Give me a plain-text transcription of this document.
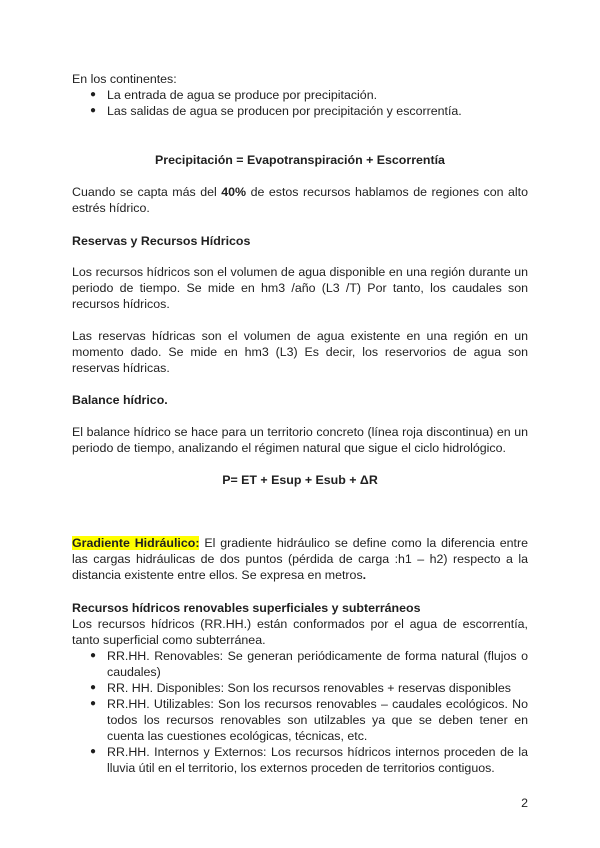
En los continentes:

● La entrada de agua se produce por precipitación.
● Las salidas de agua se producen por precipitación y escorrentía.

Precipitación = Evapotranspiración + Escorrentía

Cuando se capta más del 40% de estos recursos hablamos de regiones con alto estrés hídrico.

Reservas y Recursos Hídricos

Los recursos hídricos son el volumen de agua disponible en una región durante un periodo de tiempo. Se mide en hm3 /año (L3 /T) Por tanto, los caudales son recursos hídricos.

Las reservas hídricas son el volumen de agua existente en una región en un momento dado. Se mide en hm3 (L3) Es decir, los reservorios de agua son reservas hídricas.

Balance hídrico.

El balance hídrico se hace para un territorio concreto (línea roja discontinua) en un periodo de tiempo, analizando el régimen natural que sigue el ciclo hidrológico.

P= ET + Esup + Esub + ΔR

Gradiente Hidráulico: El gradiente hidráulico se define como la diferencia entre las cargas hidráulicas de dos puntos (pérdida de carga :h1 – h2) respecto a la distancia existente entre ellos. Se expresa en metros.

Recursos hídricos renovables superficiales y subterráneos

Los recursos hídricos (RR.HH.) están conformados por el agua de escorrentía, tanto superficial como subterránea.

● RR.HH. Renovables: Se generan periódicamente de forma natural (flujos o caudales)
● RR. HH. Disponibles: Son los recursos renovables + reservas disponibles
● RR.HH. Utilizables: Son los recursos renovables – caudales ecológicos. No todos los recursos renovables son utilzables ya que se deben tener en cuenta las cuestiones ecológicas, técnicas, etc.
● RR.HH. Internos y Externos: Los recursos hídricos internos proceden de la lluvia útil en el territorio, los externos proceden de territorios contiguos.
2
